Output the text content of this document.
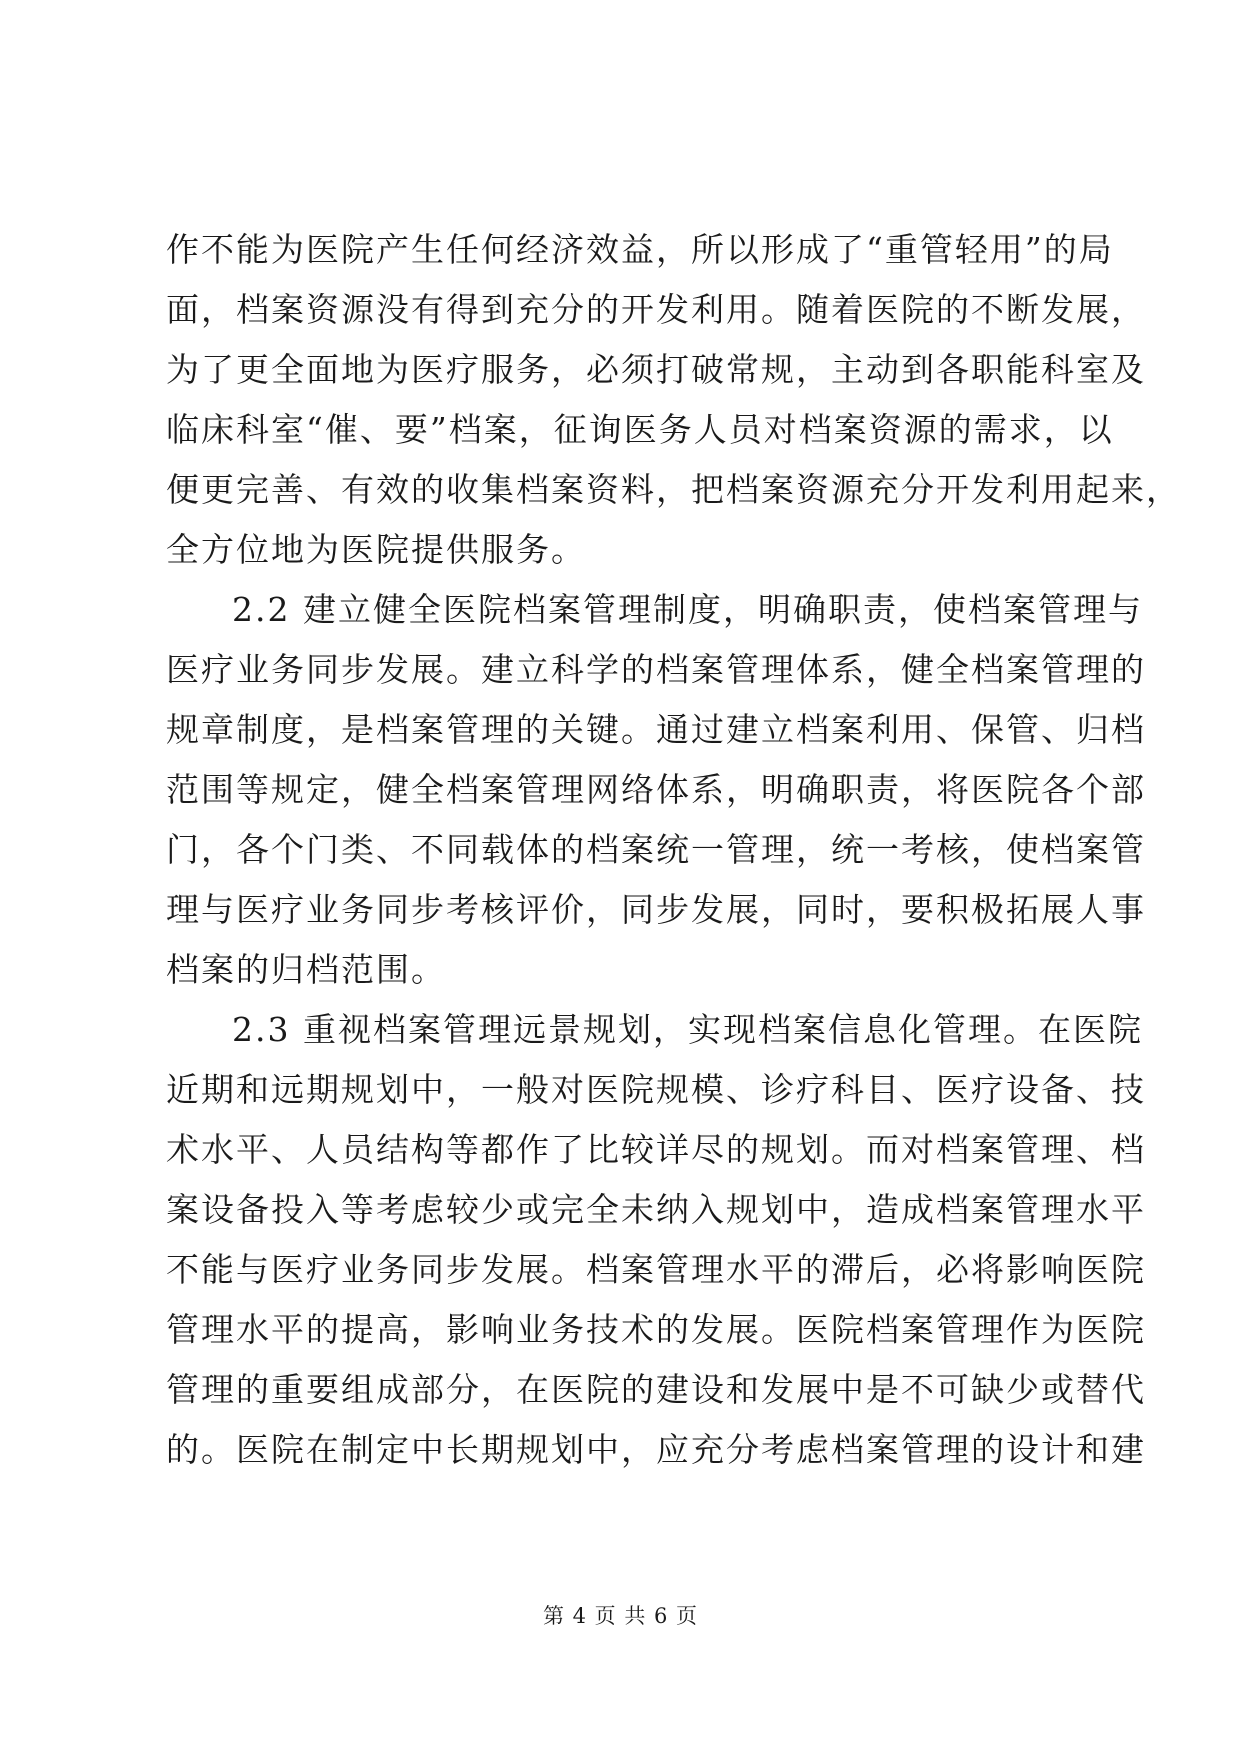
作不能为医院产生任何经济效益，所以形成了“重管轻用”的局
面，档案资源没有得到充分的开发利用。随着医院的不断发展，
为了更全面地为医疗服务，必须打破常规，主动到各职能科室及
临床科室“催、要”档案，征询医务人员对档案资源的需求，以
便更完善、有效的收集档案资料，把档案资源充分开发利用起来，
全方位地为医院提供服务。
2.2 建立健全医院档案管理制度，明确职责，使档案管理与
医疗业务同步发展。建立科学的档案管理体系，健全档案管理的
规章制度，是档案管理的关键。通过建立档案利用、保管、归档
范围等规定，健全档案管理网络体系，明确职责，将医院各个部
门，各个门类、不同载体的档案统一管理，统一考核，使档案管
理与医疗业务同步考核评价，同步发展，同时，要积极拓展人事
档案的归档范围。
2.3 重视档案管理远景规划，实现档案信息化管理。在医院
近期和远期规划中，一般对医院规模、诊疗科目、医疗设备、技
术水平、人员结构等都作了比较详尽的规划。而对档案管理、档
案设备投入等考虑较少或完全未纳入规划中，造成档案管理水平
不能与医疗业务同步发展。档案管理水平的滞后，必将影响医院
管理水平的提高，影响业务技术的发展。医院档案管理作为医院
管理的重要组成部分，在医院的建设和发展中是不可缺少或替代
的。医院在制定中长期规划中，应充分考虑档案管理的设计和建
第 4 页 共 6 页
